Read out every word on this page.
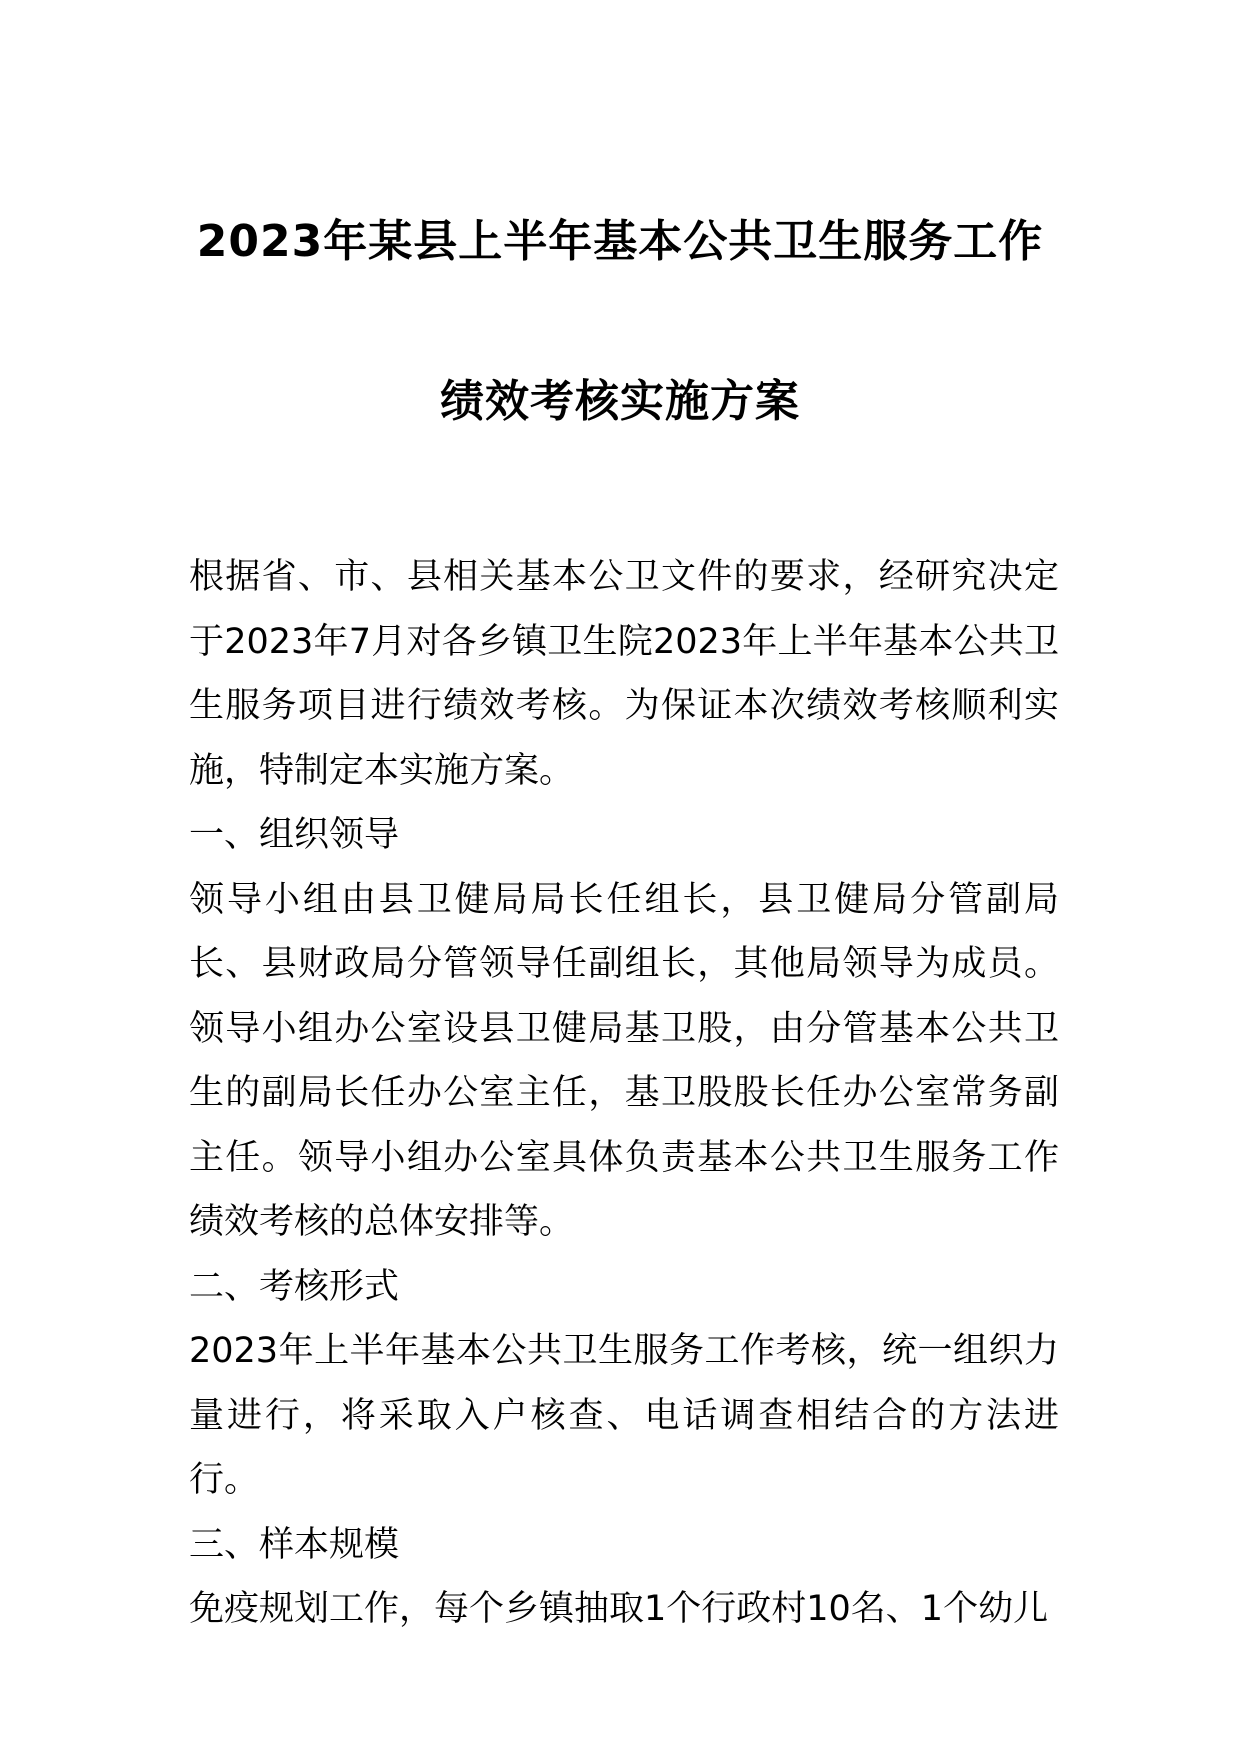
2023年某县上半年基本公共卫生服务工作
绩效考核实施方案

根据省、市、县相关基本公卫文件的要求，经研究决定于2023年7月对各乡镇卫生院2023年上半年基本公共卫生服务项目进行绩效考核。为保证本次绩效考核顺利实施，特制定本实施方案。

一、组织领导

领导小组由县卫健局局长任组长，县卫健局分管副局长、县财政局分管领导任副组长，其他局领导为成员。领导小组办公室设县卫健局基卫股，由分管基本公共卫生的副局长任办公室主任，基卫股股长任办公室常务副主任。领导小组办公室具体负责基本公共卫生服务工作绩效考核的总体安排等。

二、考核形式

2023年上半年基本公共卫生服务工作考核，统一组织力量进行，将采取入户核查、电话调查相结合的方法进行。

三、样本规模

免疫规划工作，每个乡镇抽取1个行政村10名、1个幼儿
